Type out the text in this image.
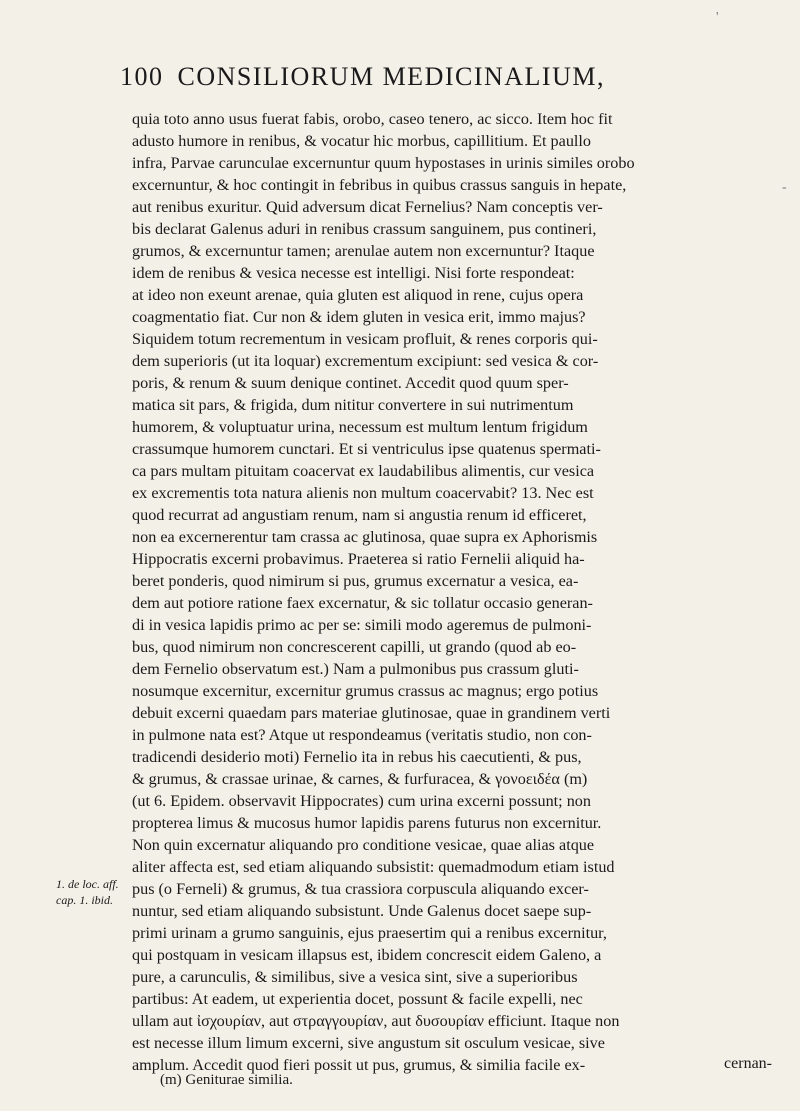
100 CONSILIORUM MEDICINALIUM,
quia toto anno usus fuerat fabis, orobo, caseo tenero, ac sicco. Item hoc fit
adusto humore in renibus, & vocatur hic morbus, capillitium. Et paullo
infra, Parvae carunculae excernuntur quum hypostases in urinis similes orobo
excernuntur, & hoc contingit in febribus in quibus crassus sanguis in hepate,
aut renibus exuritur. Quid adversum dicat Fernelius? Nam conceptis ver-
bis declarat Galenus aduri in renibus crassum sanguinem, pus contineri,
grumos, & excernuntur tamen; arenulae autem non excernuntur? Itaque
idem de renibus & vesica necesse est intelligi. Nisi forte respondeat:
at ideo non exeunt arenae, quia gluten est aliquod in rene, cujus opera
coagmentatio fiat. Cur non & idem gluten in vesica erit, immo majus?
Siquidem totum recrementum in vesicam profluit, & renes corporis qui-
dem superioris (ut ita loquar) excrementum excipiunt: sed vesica & cor-
poris, & renum & suum denique continet. Accedit quod quum sper-
matica sit pars, & frigida, dum nititur convertere in sui nutrimentum
humorem, & voluptuatur urina, necessum est multum lentum frigidum
crassumque humorem cunctari. Et si ventriculus ipse quatenus spermati-
ca pars multam pituitam coacervat ex laudabilibus alimentis, cur vesica
ex excrementis tota natura alienis non multum coacervabit? 13. Nec est
quod recurrat ad angustiam renum, nam si angustia renum id efficeret,
non ea excernerentur tam crassa ac glutinosa, quae supra ex Aphorismis
Hippocratis excerni probavimus. Praeterea si ratio Fernelii aliquid ha-
beret ponderis, quod nimirum si pus, grumus excernatur a vesica, ea-
dem aut potiore ratione faex excernatur, & sic tollatur occasio generan-
di in vesica lapidis primo ac per se: simili modo ageremus de pulmoni-
bus, quod nimirum non concrescerent capilli, ut grando (quod ab eo-
dem Fernelio observatum est.) Nam a pulmonibus pus crassum gluti-
nosumque excernitur, excernitur grumus crassus ac magnus; ergo potius
debuit excerni quaedam pars materiae glutinosae, quae in grandinem verti
in pulmone nata est? Atque ut respondeamus (veritatis studio, non con-
tradicendi desiderio moti) Fernelio ita in rebus his caecutienti, & pus,
& grumus, & crassae urinae, & carnes, & furfuracea, & γονοειδέα (m)
(ut 6. Epidem. observavit Hippocrates) cum urina excerni possunt; non
propterea limus & mucosus humor lapidis parens futurus non excernitur.
Non quin excernatur aliquando pro conditione vesicae, quae alias atque
aliter affecta est, sed etiam aliquando subsistit: quemadmodum etiam istud
pus (o Ferneli) & grumus, & tua crassiora corpuscula aliquando excer-
nuntur, sed etiam aliquando subsistunt. Unde Galenus docet saepe sup-
primi urinam a grumo sanguinis, ejus praesertim qui a renibus excernitur,
qui postquam in vesicam illapsus est, ibidem concrescit eidem Galeno, a
pure, a carunculis, & similibus, sive a vesica sint, sive a superioribus
partibus: At eadem, ut experientia docet, possunt & facile expelli, nec
ullam aut ἰσχουρίαν, aut στραγγουρίαν, aut δυσουρίαν efficiunt. Itaque non
est necesse illum limum excerni, sive angustum sit osculum vesicae, sive
amplum. Accedit quod fieri possit ut pus, grumus, & similia facile ex-
1. de loc. aff.
cap. 1. ibid.
cernan-
(m) Geniturae similia.
-
'
